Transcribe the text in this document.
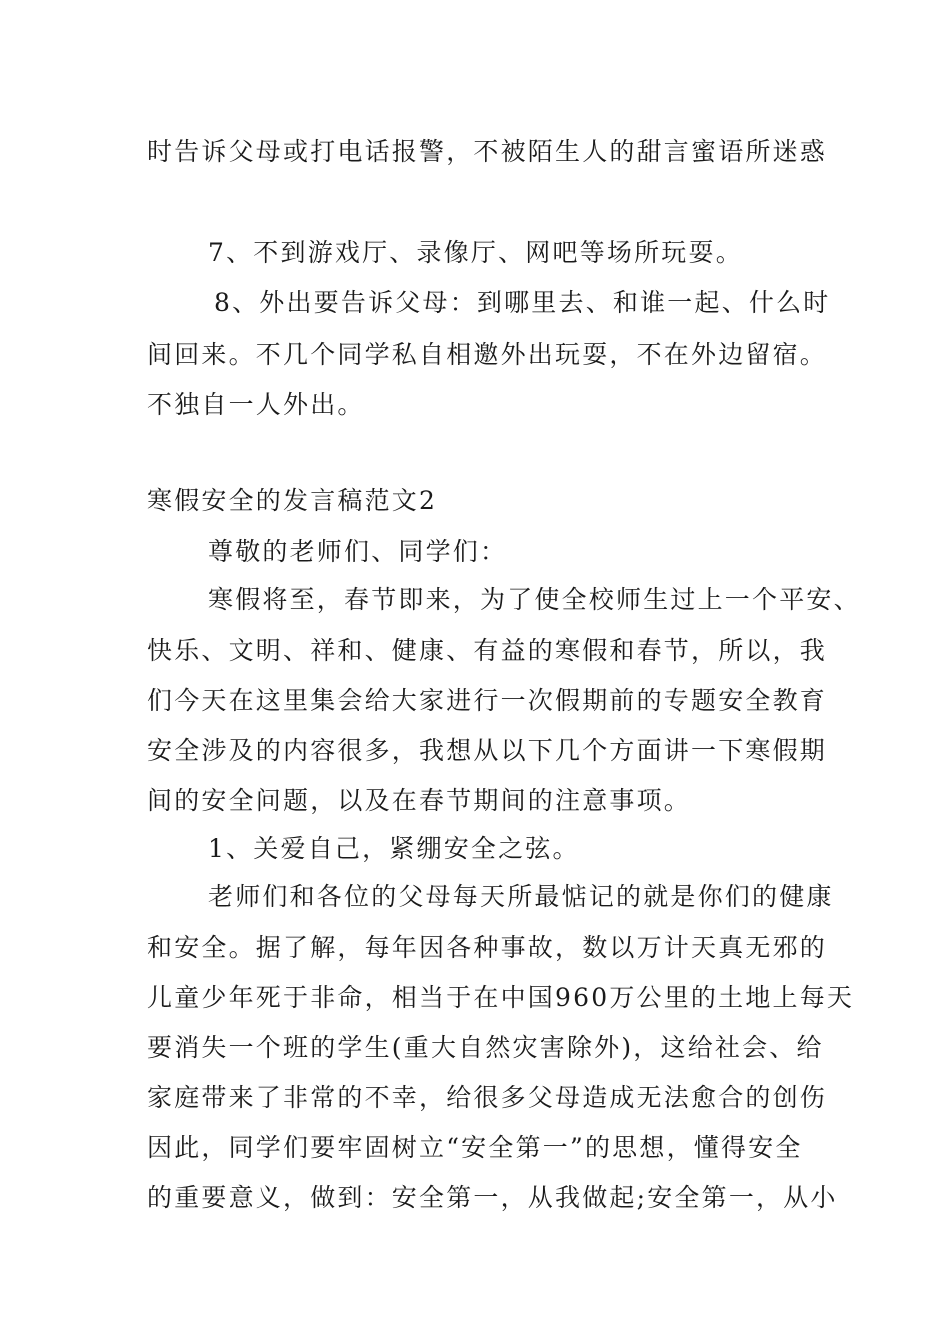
时告诉父母或打电话报警，不被陌生人的甜言蜜语所迷惑
7、不到游戏厅、录像厅、网吧等场所玩耍。
8、外出要告诉父母：到哪里去、和谁一起、什么时
间回来。不几个同学私自相邀外出玩耍，不在外边留宿。
不独自一人外出。
寒假安全的发言稿范文2
尊敬的老师们、同学们：
寒假将至，春节即来，为了使全校师生过上一个平安、
快乐、文明、祥和、健康、有益的寒假和春节，所以，我
们今天在这里集会给大家进行一次假期前的专题安全教育
安全涉及的内容很多，我想从以下几个方面讲一下寒假期
间的安全问题，以及在春节期间的注意事项。
1、关爱自己，紧绷安全之弦。
老师们和各位的父母每天所最惦记的就是你们的健康
和安全。据了解，每年因各种事故，数以万计天真无邪的
儿童少年死于非命，相当于在中国960万公里的土地上每天
要消失一个班的学生(重大自然灾害除外)，这给社会、给
家庭带来了非常的不幸，给很多父母造成无法愈合的创伤
因此，同学们要牢固树立“安全第一”的思想，懂得安全
的重要意义，做到：安全第一，从我做起;安全第一，从小
